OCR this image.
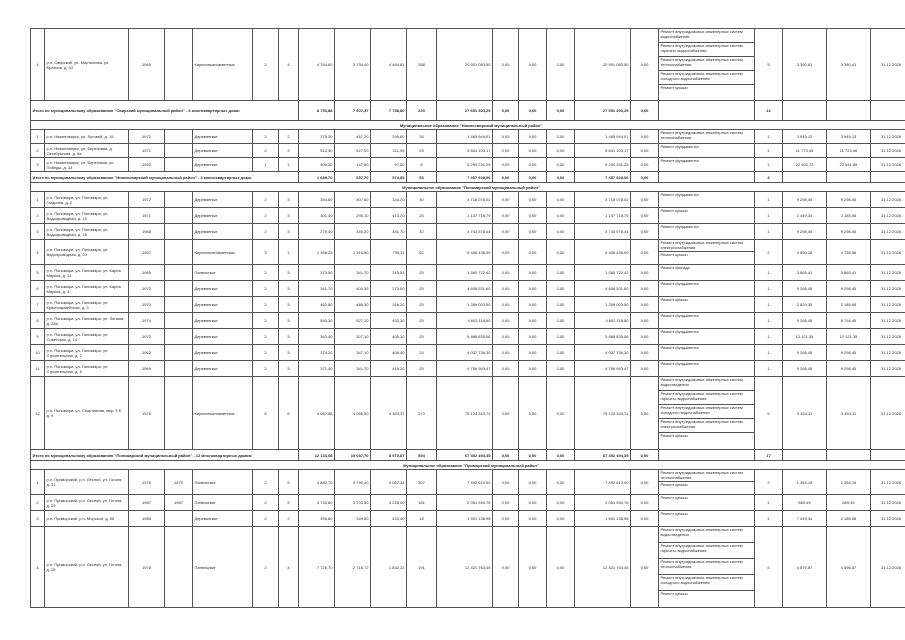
4	р.п. Свирский, ул. Мартынова, ул. Братьев, д. 93	1960		Кирпичные/каменные	2	4	4 764,60	3 734,40	4 464,61	288	20 901 083,50	0,00	0,00	0,00	20 901 083,50	0,00	Ремонт внутридомовых инженерных систем водоснабжения
Ремонт внутридомовых инженерных систем горячего водоснабжения
Ремонт внутридомовых инженерных систем теплоснабжения
Ремонт внутридомовых инженерных систем холодного водоснабжения
Ремонт крыши	5	3 390,81	3 380,41	31.12.2026
Итого по муниципальному образованию "Свирский муниципальный район" - 4 многоквартирных дома:							8 753,88	7 607,37	7 758,80	220	27 651 303,25	0,00	0,00	0,00	27 651 303,25	0,00		12			
Муниципальное образование "Нижнесвирский муниципальный район"																					
1	р.п. Нижнесвирск, ул. Луговой, д. 19	1972		Деревянные	2	2	375,30	467,20	295,60	26	1 465 944,01	0,00	0,00	0,00	1 465 944,01	0,00	Ремонт внутридомовых инженерных систем теплоснабжения	1	3 945,12	3 945,13	31.12.2026
2	р.п. Нижнесвирск, ул. Березовая, д. Октябрьская, д. 9а	1971		Деревянные	2	3	512,30	527,00	211,95	25	5 841 103,17	0,00	0,00	0,00	5 841 103,17	0,00	Ремонт фундамента	1	11 773,45	11 723,46	31.12.2026
3	р.п. Нижнесвирск, ул. Береговая, ул. Победы, д. 14	1952		Деревянные	1	1	400,30	147,80	97,50	6	5 290 231,25	0,00	0,00	0,00	5 290 231,25	0,00	Ремонт фундамента	1	22 992,72	22 541,85	31.12.2026
Итого по муниципальному образованию "Нижнесвирский муниципальный район" - 3 многоквартирных дома:							1 689,70	657,70	574,85	53	7 457 928,06	0,00	0,00	0,00	7 457 928,06	0,00		3			
Муниципальное образование "Пономарский муниципальный район"																					
1	р.п. Пономари, ул. Пономари, ул. Гагарина, д. 2	1972		Деревянные	2	3	354,60	507,60	344,20	30	4 718 078,02	0,00	0,00	0,00	4 718 078,02	0,00	Ремонт фундамента	1	9 298,45	9 298,45	31.12.2026
2	р.п. Пономари, ул. Пономари, ул. Водопроводная, д. 13	1971		Деревянные	2	3	301,40	295,10	413,20	25	1 137 718,79	0,00	0,00	0,00	1 137 718,79	0,00	Ремонт крыши	1	2 449,34	2 185,08	31.12.2026
3	р.п. Пономари, ул. Пономари, ул. Водопроводная, д. 15	1968		Деревянные	2	3	279,40	340,20	441,70	32	4 743 578,44	0,00	0,00	0,00	4 743 578,44	0,00	Ремонт фундамента	1	9 298,45	9 298,45	31.12.2026
4	р.п. Пономари, ул. Пономари, ул. Водопроводная, д. 20	1967		Кирпичные/каменные	3	1	1 398,25	1 316,90	799,11	62	6 406 436,09	0,00	0,00	0,00	6 406 436,09	0,00	Ремонт внутридомовых инженерных систем электроснабжения
Ремонт крыши	2	4 850,16	4 735,56	31.12.2026
5	р.п. Пономари, ул. Пономари, ул. Карла Маркса, д. 11	1965		Панельные	2	3	373,50	341,70	315,53	25	1 560 722,42	0,00	0,00	0,00	1 560 722,42	0,00	Ремонт фасада	1	3 865,41	3 865,41	31.12.2026
6	р.п. Пономари, ул. Пономари, ул. Карла Маркса, д. 4	1972		Деревянные	2	3	341,70	400,39	270,00	25	4 608 531,60	0,00	0,00	0,00	4 608 531,60	0,00	Ремонт фундамента	1	9 298,45	9 298,45	31.12.2026
7	р.п. Пономари, ул. Пономари, ул. Красноармейская, д. 3	1970		Деревянные	2	3	462,80	488,30	316,20	25	1 359 003,50	0,00	0,00	0,00	1 359 003,50	0,00	Ремонт крыши	1	2 829,39	2 185,08	31.12.2026
8	р.п. Пономари, ул. Пономари, ул. Ленина, д. 23а	1974		Деревянные	2	3	593,30	527,20	432,30	25	4 602 118,80	0,00	0,00	0,00	4 602 118,80	0,00	Ремонт фундамента	1	9 298,45	8 794,45	31.12.2026
9	р.п. Пономари, ул. Пономари, ул. Советская, д. 14	1972		Деревянные	2	3	363,40	307,10	405,10	25	5 888 835,06	0,00	0,00	0,00	5 888 835,06	0,00	Ремонт фундамента	1	12 121,35	12 121,35	31.12.2026
10	р.п. Пономари, ул. Пономари, ул. Строительная, д. 2	1962		Деревянные	2	3	374,20	347,10	408,40	24	4 037 736,30	0,00	0,00	0,00	4 037 736,30	0,00	Ремонт фундамента	1	9 298,45	9 298,45	31.12.2026
11	р.п. Пономари, ул. Пономари, ул. Строительная, д. 6	1969		Деревянные	2	3	371,40	341,70	419,20	25	4 756 993,47	0,00	0,00	0,00	4 756 993,47	0,00	Ремонт фундамента	1	9 298,45	9 298,45	31.12.2026
12	р.п. Пономари, ул. Спортивная, мкр. 3 Е, д. 9	1976		Кирпичные/каменные	5	6	4 087,88	4 085,00	4 363,37	270	75 124 343,71	0,00	0,00	0,00	75 124 343,71	0,00	Ремонт внутридомовых инженерных систем водоотведения
Ремонт внутридомовых инженерных систем горячего водоснабжения
Ремонт внутридомовых инженерных систем холодного водоснабжения
Ремонт внутридомовых инженерных систем электроснабжения
Ремонт крыши	5	3 454,11	3 454,11	31.12.2026
Итого по муниципальному образованию "Пономарский муниципальный район" - 12 многоквартирных домов:							12 133,08	10 037,70	8 970,87	594	67 452 494,35	0,00	0,00	0,00	67 452 494,35	0,00		17			
Муниципальное образование "Приморский муниципальный район"																					
1	р.п. Приморский, р.п. Лесной, ул. Гоголя, д. 31	1976	1670	Панельные	2	5	4 882,70	9 790,40	6 087,34	307	7 492 610,90	0,00	0,00	0,00	7 492 610,90	0,00	Ремонт внутридомовых инженерных систем теплоснабжения
Ремонт крыши	2	1 354,19	1 354,19	31.12.2026
2	р.п. Приморский, р.п. Лесной, ул. Гоголя, д. 29	1987	1987	Панельные	2	5	3 745,80	3 703,50	3 226,00	181	2 051 940,76	0,00	0,00	0,00	2 051 940,76	0,00	Ремонт крыши	1	869,49	869,49	31.12.2026
3	р.п. Приморский, р.п. Морской, д. 56	1985		Деревянные	2	2	395,80	349,80	433,40	18	1 501 138,98	0,00	0,00	0,00	1 501 138,98	0,00	Ремонт крыши	1	7 449,34	2 185,08	31.12.2026
4	р.п. Приморский, р.п. Лесной, ул. Гоголя, д. 25	1978		Панельные	2	4	7 726,70	2 716,72	1 832,22	191	12 421 763,45	0,00	0,00	0,00	12 421 763,45	0,00	Ремонт внутридомовых инженерных систем водоотведения
Ремонт внутридомовых инженерных систем горячего водоснабжения
Ремонт внутридомовых инженерных систем теплоснабжения
Ремонт внутридомовых инженерных систем холодного водоснабжения
Ремонт крыши	5	4 575,87	4 596,57	31.12.2026
